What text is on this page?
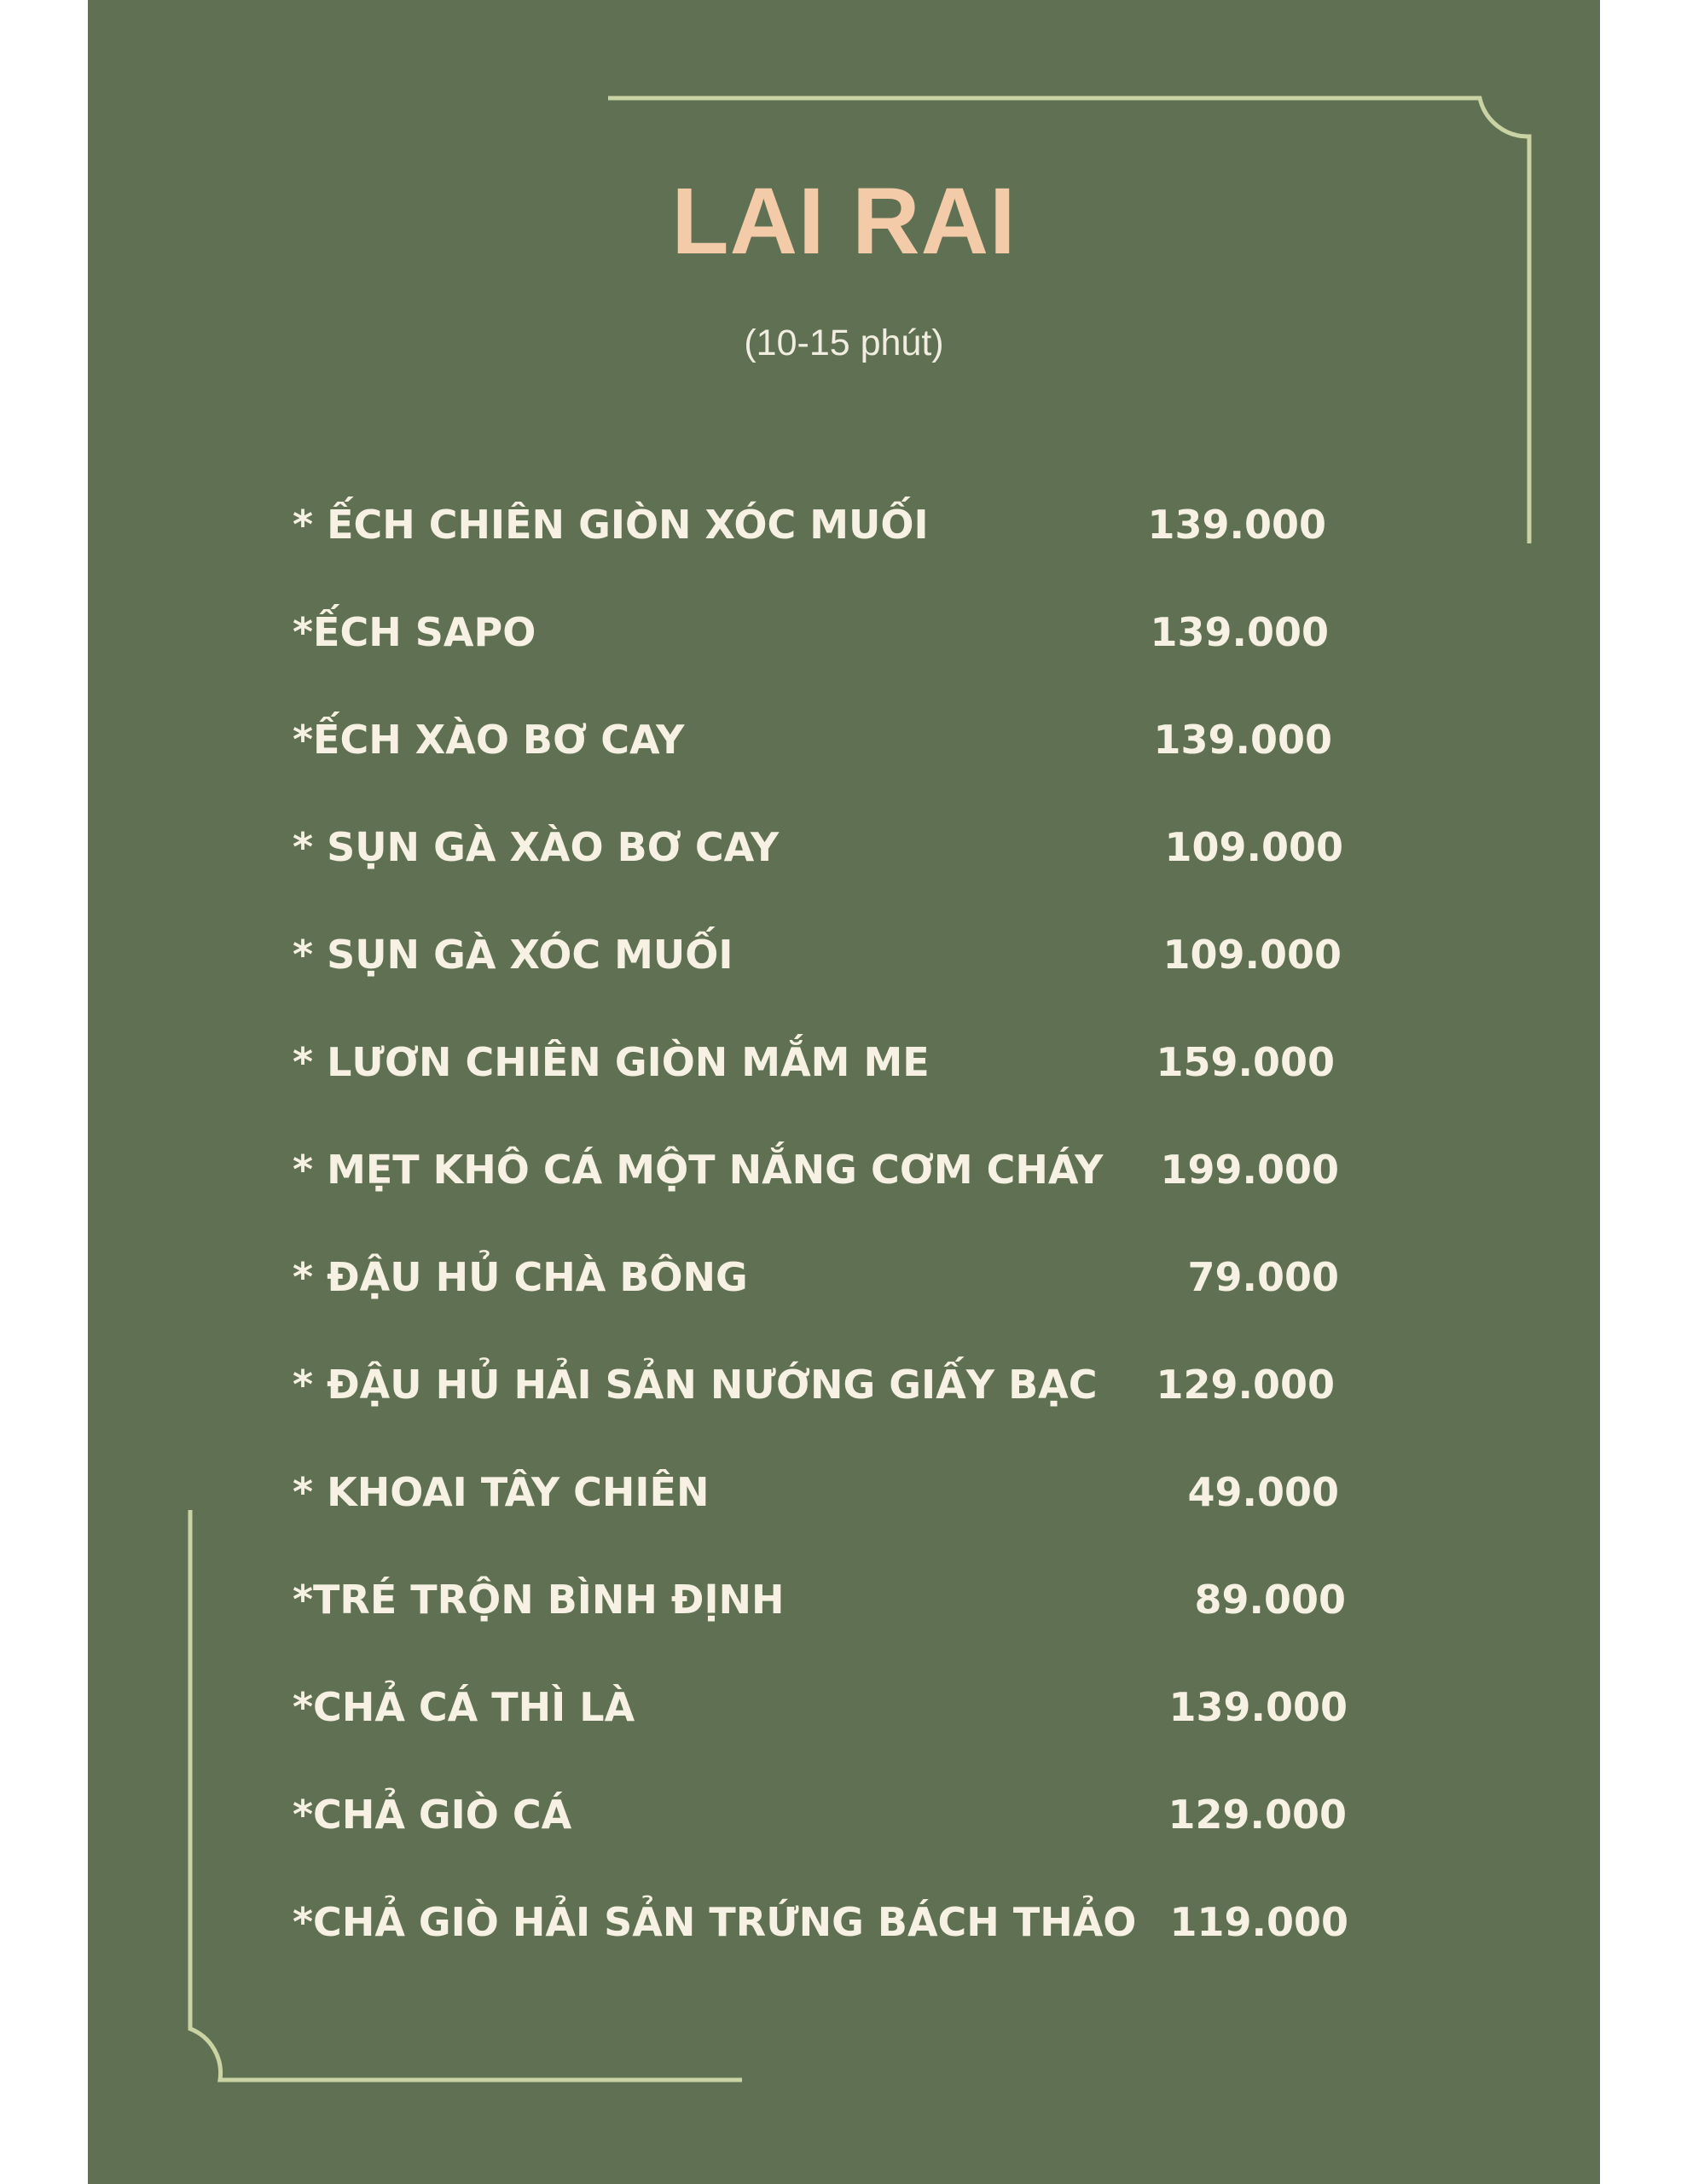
LAI RAI
(10-15 phút)
* ẾCH CHIÊN GIÒN XÓC MUỐI	139.000
*ẾCH SAPO	139.000
*ẾCH XÀO BƠ CAY	139.000
* SỤN GÀ XÀO BƠ CAY	109.000
* SỤN GÀ XÓC MUỐI	109.000
* LƯƠN CHIÊN GIÒN MẮM ME	159.000
* MẸT KHÔ CÁ MỘT NẮNG CƠM CHÁY 199.000
* ĐẬU HỦ CHÀ BÔNG	79.000
* ĐẬU HỦ HẢI SẢN NƯỚNG GIẤY BẠC 129.000
* KHOAI TÂY CHIÊN	49.000
*TRÉ TRỘN BÌNH ĐỊNH	89.000
*CHẢ CÁ THÌ LÀ	139.000
*CHẢ GIÒ CÁ	129.000
*CHẢ GIÒ HẢI SẢN TRỨNG BÁCH THẢO 119.000
